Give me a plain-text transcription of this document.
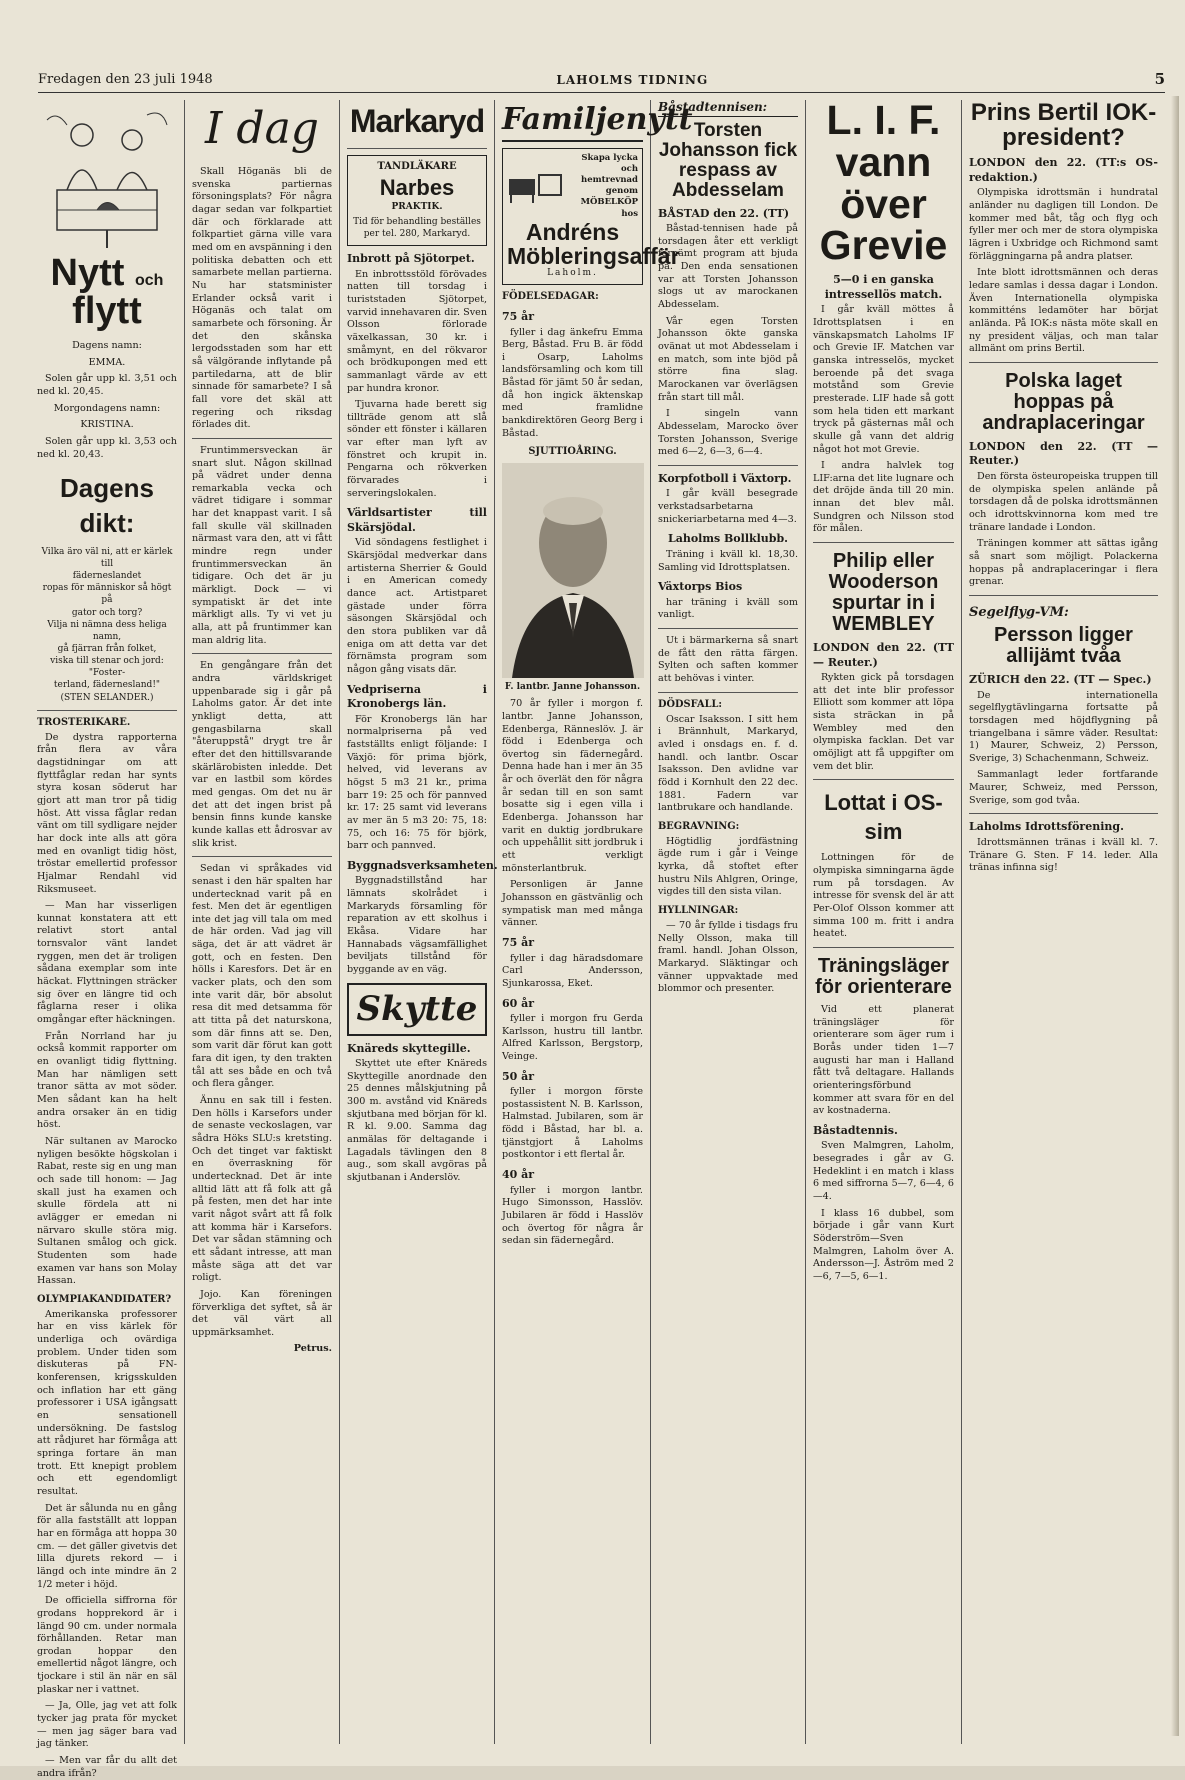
Fredagen den 23 juli 1948	LAHOLMS TIDNING	5
Nytt och flytt

Dagens namn:

EMMA.

Solen går upp kl. 3,51 och ned kl. 20,45.

Morgondagens namn:

KRISTINA.

Solen går upp kl. 3,53 och ned kl. 20,43.

Dagens dikt:
Vilka äro väl ni, att er kärlek till
fäderneslandet
ropas för människor så högt på
gator och torg?
Vilja ni nämna dess heliga namn,
gå fjärran från folket,
viska till stenar och jord: "Foster-
terland, fädernesland!"
(STEN SELANDER.)

TROSTERIKARE.

De dystra rapporterna från flera av våra dagstidningar om att flyttfåglar redan har synts styra kosan söderut har gjort att man tror på tidig höst. Att vissa fåglar redan vänt om till sydligare nejder har dock inte alls att göra med en ovanligt tidig höst, tröstar emellertid professor Hjalmar Rendahl vid Riksmuseet.

— Man har visserligen kunnat konstatera att ett relativt stort antal tornsvalor vänt landet ryggen, men det är troligen sådana exemplar som inte häckat. Flyttningen sträcker sig över en längre tid och fåglarna reser i olika omgångar efter häckningen.

Från Norrland har ju också kommit rapporter om en ovanligt tidig flyttning. Man har nämligen sett tranor sätta av mot söder. Men sådant kan ha helt andra orsaker än en tidig höst.

När sultanen av Marocko nyligen besökte högskolan i Rabat, reste sig en ung man och sade till honom: — Jag skall just ha examen och skulle fördela att ni avlägger er emedan ni närvaro skulle störa mig. Sultanen smålog och gick. Studenten som hade examen var hans son Molay Hassan.

OLYMPIAKANDIDATER?

Amerikanska professorer har en viss kärlek för underliga och ovärdiga problem. Under tiden som diskuteras på FN-konferensen, krigsskulden och inflation har ett gäng professorer i USA igångsatt en sensationell undersökning. De fastslog att rådjuret har förmåga att springa fortare än man trott. Ett knepigt problem och ett egendomligt resultat.

Det är sålunda nu en gång för alla fastställt att loppan har en förmåga att hoppa 30 cm. — det gäller givetvis det lilla djurets rekord — i längd och inte mindre än 2 1/2 meter i höjd.

De officiella siffrorna för grodans hopprekord är i längd 90 cm. under normala förhållanden. Retar man grodan hoppar den emellertid något längre, och tjockare i stil än när en säl plaskar ner i vattnet.

— Ja, Olle, jag vet att folk tycker jag prata för mycket — men jag säger bara vad jag tänker.

— Men var får du allt det andra ifrån?

I dag

Skall Höganäs bli de svenska partiernas försoningsplats? För några dagar sedan var folkpartiet där och förklarade att folkpartiet gärna ville vara med om en avspänning i den politiska debatten och ett samarbete mellan partierna. Nu har statsminister Erlander också varit i Höganäs och talat om samarbete och försoning. Är det den skånska lergodsstaden som har ett så välgörande inflytande på partiledarna, att de blir sinnade för samarbete? I så fall vore det skäl att regering och riksdag förlades dit.

Fruntimmersveckan är snart slut. Någon skillnad på vädret under denna remarkabla vecka och vädret tidigare i sommar har det knappast varit. I så fall skulle väl skillnaden närmast vara den, att vi fått mindre regn under fruntimmersveckan än tidigare. Och det är ju märkligt. Dock — vi sympatiskt är det inte märkligt alls. Ty vi vet ju alla, att på fruntimmer kan man aldrig lita.

En gengångare från det andra världskriget uppenbarade sig i går på Laholms gator. Är det inte ynkligt detta, att gengasbilarna skall "återuppstå" drygt tre år efter det den hittillsvarande skärlärobisten inledde. Det var en lastbil som kördes med gengas. Om det nu är det att det ingen brist på bensin finns kunde kanske kunde kallas ett ådrosvar av slik krist.

Sedan vi språkades vid senast i den här spalten har undertecknad varit på en fest. Men det är egentligen inte det jag vill tala om med de här orden. Vad jag vill säga, det är att vädret är gott, och en festen. Den hölls i Karesfors. Det är en vacker plats, och den som inte varit där, bör absolut resa dit med detsamma för att titta på det naturskona, som där finns att se. Den, som varit där förut kan gott fara dit igen, ty den trakten tål att ses både en och två och flera gånger.

Ännu en sak till i festen. Den hölls i Karsefors under de senaste veckoslagen, var sådra Höks SLU:s kretsting. Och det tinget var faktiskt en överraskning för undertecknad. Det är inte alltid lätt att få folk att gå på festen, men det har inte varit något svårt att få folk att komma här i Karsefors. Det var sådan stämning och ett sådant intresse, att man måste säga att det var roligt.

Jojo. Kan föreningen förverkliga det syftet, så är det väl värt all uppmärksamhet.

Petrus.

Markaryd
TANDLÄKARE
Narbes
PRAKTIK.
Tid för behandling beställes per tel. 280, Markaryd.

Inbrott på Sjötorpet.

En inbrottsstöld förövades natten till torsdag i turiststaden Sjötorpet, varvid innehavaren dir. Sven Olsson förlorade växelkassan, 30 kr. i småmynt, en del rökvaror och brödkupongen med ett sammanlagt värde av ett par hundra kronor.

Tjuvarna hade berett sig tillträde genom att slå sönder ett fönster i källaren var efter man lyft av fönstret och krupit in. Pengarna och rökverken förvarades i serveringslokalen.

Världsartister till Skärsjödal.

Vid söndagens festlighet i Skärsjödal medverkar dans artisterna Sherrier & Gould i en American comedy dance act. Artistparet gästade under förra säsongen Skärsjödal och den stora publiken var då eniga om att detta var det förnämsta program som någon gång visats där.

Vedpriserna i Kronobergs län.

För Kronobergs län har normalpriserna på ved fastställts enligt följande: I Växjö: för prima björk, helved, vid leverans av högst 5 m3 21 kr., prima barr 19: 25 och för pannved kr. 17: 25 samt vid leverans av mer än 5 m3 20: 75, 18: 75, och 16: 75 för björk, barr och pannved.

Byggnadsverksamheten.

Byggnadstillstånd har lämnats skolrådet i Markaryds församling för reparation av ett skolhus i Ekåsa. Vidare har Hannabads vägsamfällighet beviljats tillstånd för byggande av en väg.

Skytte

Knäreds skyttegille.

Skyttet ute efter Knäreds Skyttegille anordnade den 25 dennes målskjutning på 300 m. avstånd vid Knäreds skjutbana med början för kl. R kl. 9.00. Samma dag anmälas för deltagande i Lagadals tävlingen den 8 aug., som skall avgöras på skjutbanan i Anderslöv.

Familjenytt
Skapa lycka och hemtrevnad genom MÖBELKÖP hos
Andréns Möbleringsaffär
Laholm.

FÖDELSEDAGAR:

75 år

fyller i dag änkefru Emma Berg, Båstad. Fru B. är född i Osarp, Laholms landsförsamling och kom till Båstad för jämt 50 år sedan, då hon ingick äktenskap med framlidne bankdirektören Georg Berg i Båstad.

SJUTTIOÅRING.

F. lantbr. Janne Johansson.

70 år fyller i morgon f. lantbr. Janne Johansson, Edenberga, Ränneslöv. J. är född i Edenberga och övertog sin fädernegård. Denna hade han i mer än 35 år och överlät den för några år sedan till en son samt bosatte sig i egen villa i Edenberga. Johansson har varit en duktig jordbrukare och uppehållit sitt jordbruk i ett verkligt mönsterlantbruk.

Personligen är Janne Johansson en gästvänlig och sympatisk man med många vänner.

75 år

fyller i dag häradsdomare Carl Andersson, Sjunkarossa, Eket.

60 år

fyller i morgon fru Gerda Karlsson, hustru till lantbr. Alfred Karlsson, Bergstorp, Veinge.

50 år

fyller i morgon förste postassistent N. B. Karlsson, Halmstad. Jubilaren, som är född i Båstad, har bl. a. tjänstgjort å Laholms postkontor i ett flertal år.

40 år

fyller i morgon lantbr. Hugo Simonsson, Hasslöv. Jubilaren är född i Hasslöv och övertog för några år sedan sin fädernegård.

Båstadtennisen:
Torsten Johansson fick respass av Abdesselam

BÅSTAD den 22. (TT)

Båstad-tennisen hade på torsdagen åter ett verkligt förnämt program att bjuda på. Den enda sensationen var att Torsten Johansson slogs ut av marockanen Abdesselam.

Vår egen Torsten Johansson ökte ganska ovänat ut mot Abdesselam i en match, som inte bjöd på större fina slag. Marockanen var överlägsen från start till mål.

I singeln vann Abdesselam, Marocko över Torsten Johansson, Sverige med 6—2, 6—3, 6—4.

Korpfotboll i Växtorp.

I går kväll besegrade verkstadsarbetarna snickeriarbetarna med 4—3.

Laholms Bollklubb.

Träning i kväll kl. 18,30. Samling vid Idrottsplatsen.

Växtorps Bios

har träning i kväll som vanligt.

Ut i bärmarkerna så snart de fått den rätta färgen. Sylten och saften kommer att behövas i vinter.

DÖDSFALL:

Oscar Isaksson. I sitt hem i Brännhult, Markaryd, avled i onsdags en. f. d. handl. och lantbr. Oscar Isaksson. Den avlidne var född i Kornhult den 22 dec. 1881. Fadern var lantbrukare och handlande.

BEGRAVNING:

Högtidlig jordfästning ägde rum i går i Veinge kyrka, då stoftet efter hustru Nils Ahlgren, Oringe, vigdes till den sista vilan.

HYLLNINGAR:

— 70 år fyllde i tisdags fru Nelly Olsson, maka till framl. handl. Johan Olsson, Markaryd. Släktingar och vänner uppvaktade med blommor och presenter.

L. I. F. vann över Grevie

5—0 i en ganska intressellös match.

I går kväll möttes å Idrottsplatsen i en vänskapsmatch Laholms IF och Grevie IF. Matchen var ganska intresselös, mycket beroende på det svaga motstånd som Grevie presterade. LIF hade så gott som hela tiden ett markant tryck på gästernas mål och skulle gå vann det aldrig något hot mot Grevie.

I andra halvlek tog LIF:arna det lite lugnare och det dröjde ända till 20 min. innan det blev mål. Sundgren och Nilsson stod för målen.

Philip eller Wooderson spurtar in i WEMBLEY

LONDON den 22. (TT — Reuter.)

Rykten gick på torsdagen att det inte blir professor Elliott som kommer att löpa sista sträckan in på Wembley med den olympiska facklan. Det var omöjligt att få uppgifter om vem det blir.

Lottat i OS-sim

Lottningen för de olympiska simningarna ägde rum på torsdagen. Av intresse för svensk del är att Per-Olof Olsson kommer att simma 100 m. fritt i andra heatet.

Träningsläger för orienterare

Vid ett planerat träningsläger för orienterare som äger rum i Borås under tiden 1—7 augusti har man i Halland fått två deltagare. Hallands orienteringsförbund kommer att svara för en del av kostnaderna.

Båstadtennis.

Sven Malmgren, Laholm, besegrades i går av G. Hedeklint i en match i klass 6 med siffrorna 5—7, 6—4, 6—4.

I klass 16 dubbel, som började i går vann Kurt Söderström—Sven Malmgren, Laholm över A. Andersson—J. Åström med 2—6, 7—5, 6—1.

Prins Bertil IOK-president?

LONDON den 22. (TT:s OS-redaktion.)

Olympiska idrottsmän i hundratal anländer nu dagligen till London. De kommer med båt, tåg och flyg och fyller mer och mer de stora olympiska lägren i Uxbridge och Richmond samt förläggningarna på andra platser.

Inte blott idrottsmännen och deras ledare samlas i dessa dagar i London. Även Internationella olympiska kommitténs ledamöter har börjat anlända. På IOK:s nästa möte skall en ny president väljas, och man talar allmänt om prins Bertil.

Polska laget hoppas på andraplaceringar

LONDON den 22. (TT — Reuter.)

Den första östeuropeiska truppen till de olympiska spelen anlände på torsdagen då de polska idrottsmännen och idrottskvinnorna kom med tre tränare landade i London.

Träningen kommer att sättas igång så snart som möjligt. Polackerna hoppas på andraplaceringar i flera grenar.

Segelflyg-VM:
Persson ligger allijämt tvåa

ZÜRICH den 22. (TT — Spec.)

De internationella segelflygtävlingarna fortsatte på torsdagen med höjdflygning på triangelbana i sämre väder. Resultat: 1) Maurer, Schweiz, 2) Persson, Sverige, 3) Schachenmann, Schweiz.

Sammanlagt leder fortfarande Maurer, Schweiz, med Persson, Sverige, som god tvåa.

Laholms Idrottsförening.

Idrottsmännen tränas i kväll kl. 7. Tränare G. Sten. F 14. leder. Alla tränas infinna sig!
